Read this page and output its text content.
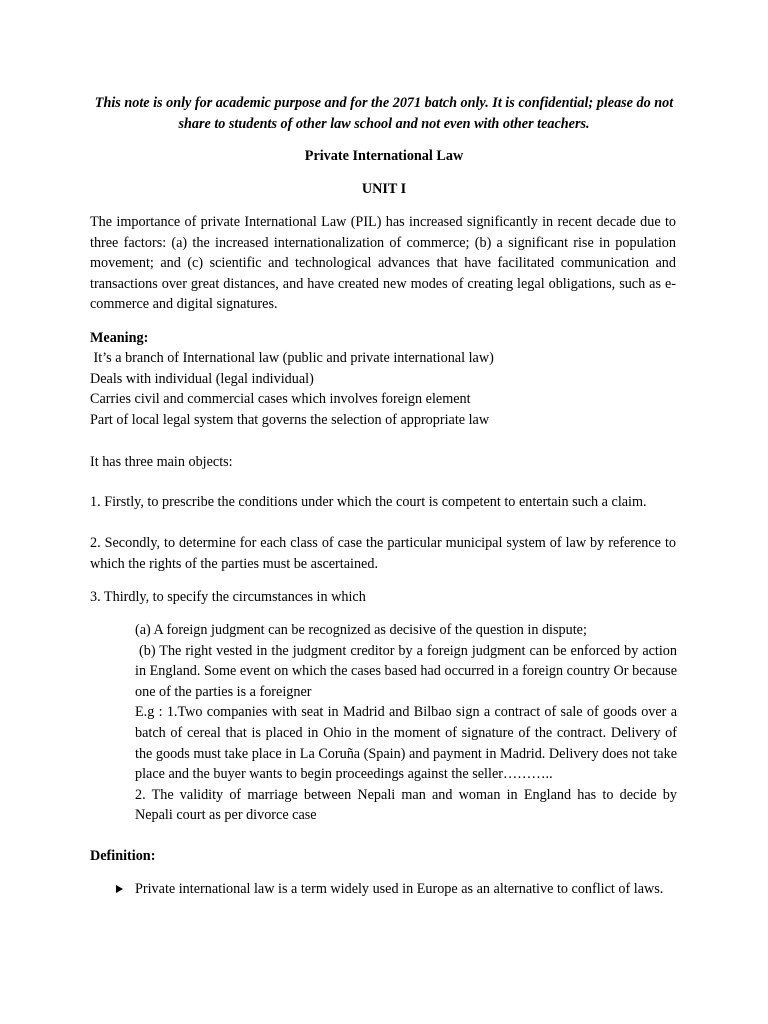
This note is only for academic purpose and for the 2071 batch only. It is confidential; please do not share to students of other law school and not even with other teachers.
Private International Law
UNIT I
The importance of private International Law (PIL) has increased significantly in recent decade due to three factors: (a) the increased internationalization of commerce; (b) a significant rise in population movement; and (c) scientific and technological advances that have facilitated communication and transactions over great distances, and have created new modes of creating legal obligations, such as e-commerce and digital signatures.
Meaning:
It’s a branch of International law (public and private international law)
Deals with individual (legal individual)
Carries civil and commercial cases which involves foreign element
Part of local legal system that governs the selection of appropriate law
It has three main objects:
1. Firstly, to prescribe the conditions under which the court is competent to entertain such a claim.
2. Secondly, to determine for each class of case the particular municipal system of law by reference to which the rights of the parties must be ascertained.
3. Thirdly, to specify the circumstances in which
(a) A foreign judgment can be recognized as decisive of the question in dispute;
(b) The right vested in the judgment creditor by a foreign judgment can be enforced by action in England. Some event on which the cases based had occurred in a foreign country Or because one of the parties is a foreigner
E.g : 1.Two companies with seat in Madrid and Bilbao sign a contract of sale of goods over a batch of cereal that is placed in Ohio in the moment of signature of the contract. Delivery of the goods must take place in La Coruña (Spain) and payment in Madrid. Delivery does not take place and the buyer wants to begin proceedings against the seller………..
2. The validity of marriage between Nepali man and woman in England has to decide by Nepali court as per divorce case
Definition:
Private international law is a term widely used in Europe as an alternative to conflict of laws.
